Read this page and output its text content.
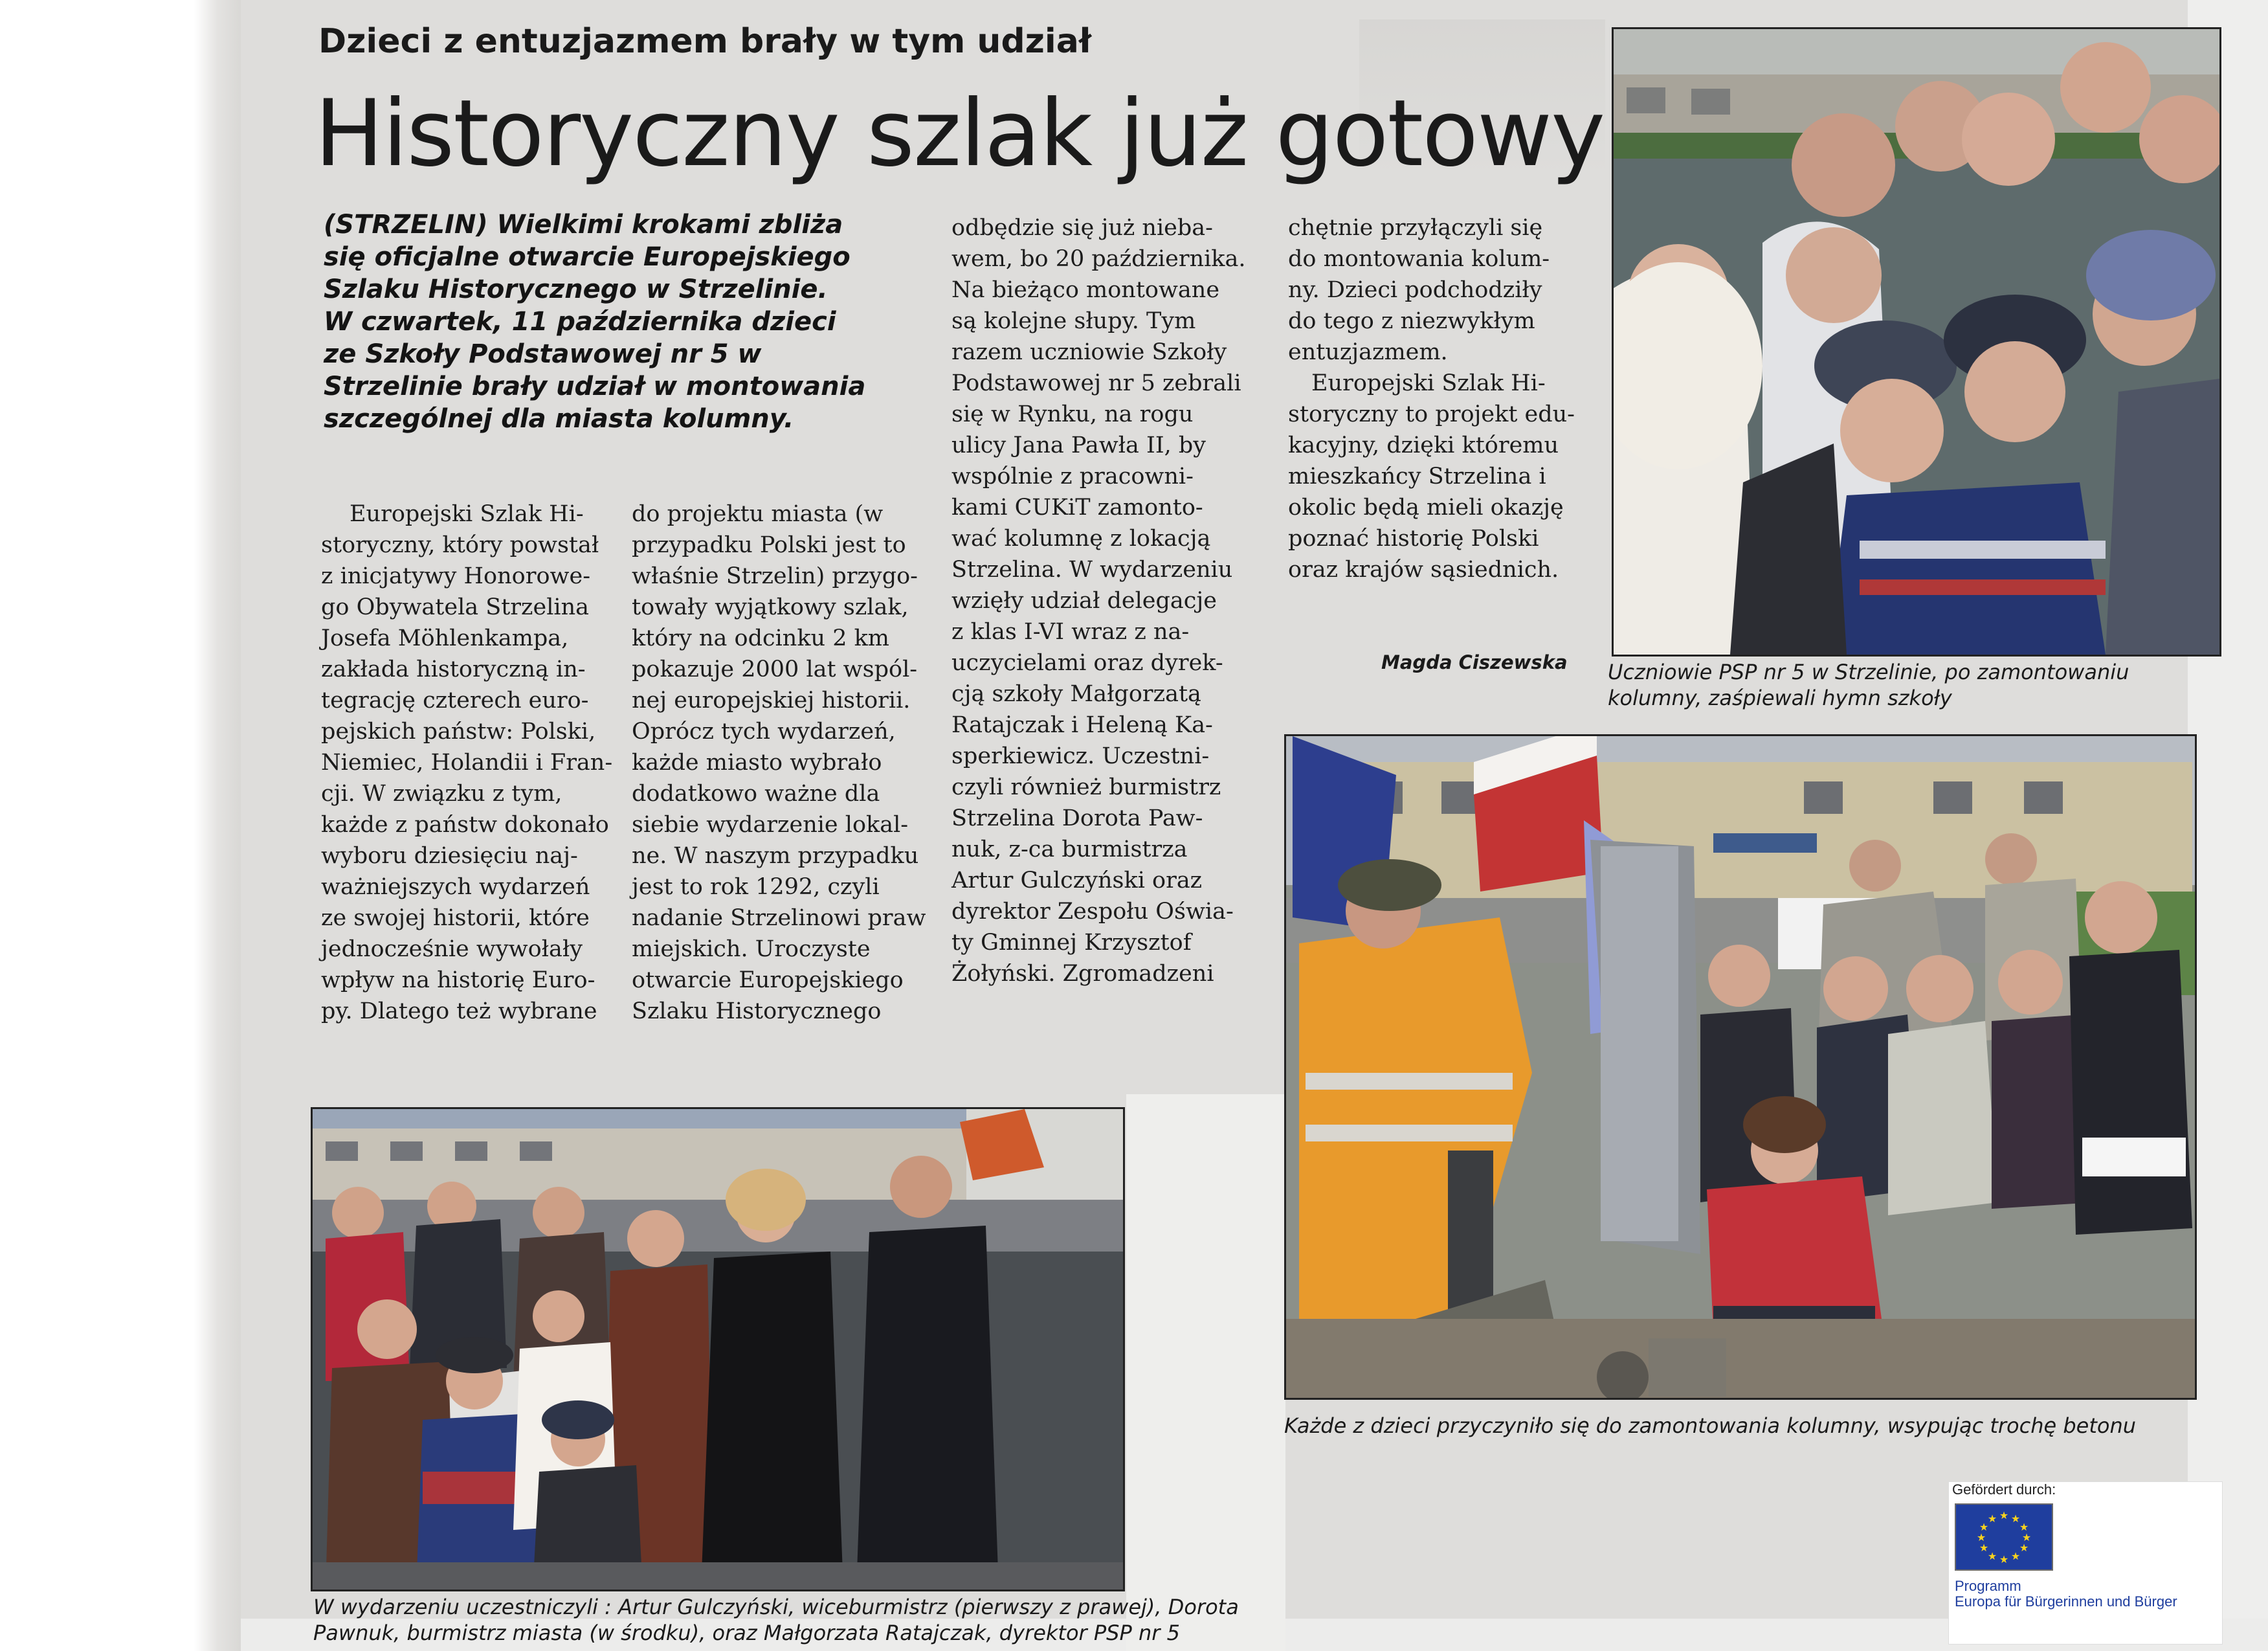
Dzieci z entuzjazmem brały w tym udział
Historyczny szlak już gotowy
(STRZELIN) Wielkimi krokami zbliża
się oficjalne otwarcie Europejskiego
Szlaku Historycznego w Strzelinie.
W czwartek, 11 października dzieci
ze Szkoły Podstawowej nr 5 w
Strzelinie brały udział w montowania
szczególnej dla miasta kolumny.
Europejski Szlak Hi-
storyczny, który powstał
z inicjatywy Honorowe-
go Obywatela Strzelina
Josefa Möhlenkampa,
zakłada historyczną in-
tegrację czterech euro-
pejskich państw: Polski,
Niemiec, Holandii i Fran-
cji. W związku z tym,
każde z państw dokonało
wyboru dziesięciu naj-
ważniejszych wydarzeń
ze swojej historii, które
jednocześnie wywołały
wpływ na historię Euro-
py. Dlatego też wybrane
do projektu miasta (w
przypadku Polski jest to
właśnie Strzelin) przygo-
towały wyjątkowy szlak,
który na odcinku 2 km
pokazuje 2000 lat wspól-
nej europejskiej historii.
Oprócz tych wydarzeń,
każde miasto wybrało
dodatkowo ważne dla
siebie wydarzenie lokal-
ne. W naszym przypadku
jest to rok 1292, czyli
nadanie Strzelinowi praw
miejskich. Uroczyste
otwarcie Europejskiego
Szlaku Historycznego
odbędzie się już nieba-
wem, bo 20 października.
Na bieżąco montowane
są kolejne słupy. Tym
razem uczniowie Szkoły
Podstawowej nr 5 zebrali
się w Rynku, na rogu
ulicy Jana Pawła II, by
wspólnie z pracowni-
kami CUKiT zamonto-
wać kolumnę z lokacją
Strzelina. W wydarzeniu
wzięły udział delegacje
z klas I-VI wraz z na-
uczycielami oraz dyrek-
cją szkoły Małgorzatą
Ratajczak i Heleną Ka-
sperkiewicz. Uczestni-
czyli również burmistrz
Strzelina Dorota Paw-
nuk, z-ca burmistrza
Artur Gulczyński oraz
dyrektor Zespołu Oświa-
ty Gminnej Krzysztof
Żołyński. Zgromadzeni
chętnie przyłączyli się
do montowania kolum-
ny. Dzieci podchodziły
do tego z niezwykłym
entuzjazmem.
Europejski Szlak Hi-
storyczny to projekt edu-
kacyjny, dzięki któremu
mieszkańcy Strzelina i
okolic będą mieli okazję
poznać historię Polski
oraz krajów sąsiednich.
Magda Ciszewska Uczniowie PSP nr 5 w Strzelinie, po zamontowaniu
kolumny, zaśpiewali hymn szkoły
Każde z dzieci przyczyniło się do zamontowania kolumny, wsypując trochę betonu
W wydarzeniu uczestniczyli : Artur Gulczyński, wiceburmistrz (pierwszy z prawej), Dorota
Pawnuk, burmistrz miasta (w środku), oraz Małgorzata Ratajczak, dyrektor PSP nr 5
Gefördert durch:
★ ★
★
★
★
★
★
★
★
★
★
★
Programm
Europa für Bürgerinnen und Bürger
